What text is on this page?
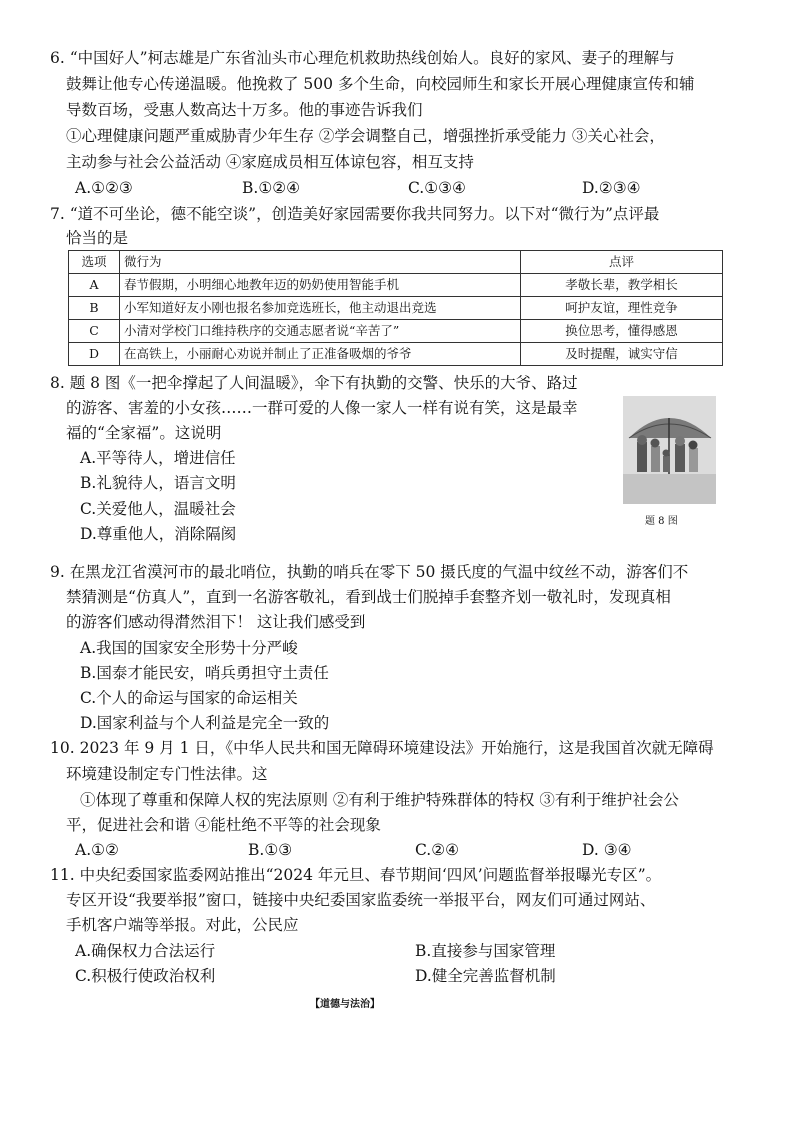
6. “中国好人”柯志雄是广东省汕头市心理危机救助热线创始人。良好的家风、妻子的理解与
鼓舞让他专心传递温暖。他挽救了 500 多个生命，向校园师生和家长开展心理健康宣传和辅
导数百场，受惠人数高达十万多。他的事迹告诉我们
①心理健康问题严重威胁青少年生存 ②学会调整自己，增强挫折承受能力 ③关心社会，
主动参与社会公益活动 ④家庭成员相互体谅包容，相互支持
A.①②③	B.①②④	C.①③④	D.②③④
7. “道不可坐论，德不能空谈”，创造美好家园需要你我共同努力。以下对“微行为”点评最
恰当的是
选项	微行为	点评
A	春节假期，小明细心地教年迈的奶奶使用智能手机	孝敬长辈，教学相长
B	小军知道好友小刚也报名参加竞选班长，他主动退出竞选	呵护友谊，理性竞争
C	小清对学校门口维持秩序的交通志愿者说“辛苦了”	换位思考，懂得感恩
D	在高铁上，小丽耐心劝说并制止了正准备吸烟的爷爷	及时提醒，诚实守信
8. 题 8 图《一把伞撑起了人间温暖》，伞下有执勤的交警、快乐的大爷、路过
的游客、害羞的小女孩……一群可爱的人像一家人一样有说有笑，这是最幸
福的“全家福”。这说明
A.平等待人，增进信任
B.礼貌待人，语言文明
C.关爱他人，温暖社会
D.尊重他人，消除隔阂
题 8 图
9. 在黑龙江省漠河市的最北哨位，执勤的哨兵在零下 50 摄氏度的气温中纹丝不动，游客们不
禁猜测是“仿真人”，直到一名游客敬礼，看到战士们脱掉手套整齐划一敬礼时，发现真相
的游客们感动得潸然泪下！ 这让我们感受到
A.我国的国家安全形势十分严峻
B.国泰才能民安，哨兵勇担守土责任
C.个人的命运与国家的命运相关
D.国家利益与个人利益是完全一致的
10. 2023 年 9 月 1 日，《中华人民共和国无障碍环境建设法》开始施行，这是我国首次就无障碍
环境建设制定专门性法律。这
①体现了尊重和保障人权的宪法原则 ②有利于维护特殊群体的特权 ③有利于维护社会公
平，促进社会和谐 ④能杜绝不平等的社会现象
A.①②	B.①③	C.②④	D. ③④
11. 中央纪委国家监委网站推出“2024 年元旦、春节期间‘四风’问题监督举报曝光专区”。
专区开设“我要举报”窗口，链接中央纪委国家监委统一举报平台，网友们可通过网站、
手机客户端等举报。对此，公民应
A.确保权力合法运行	B.直接参与国家管理
C.积极行使政治权利	D.健全完善监督机制
【道德与法治】
